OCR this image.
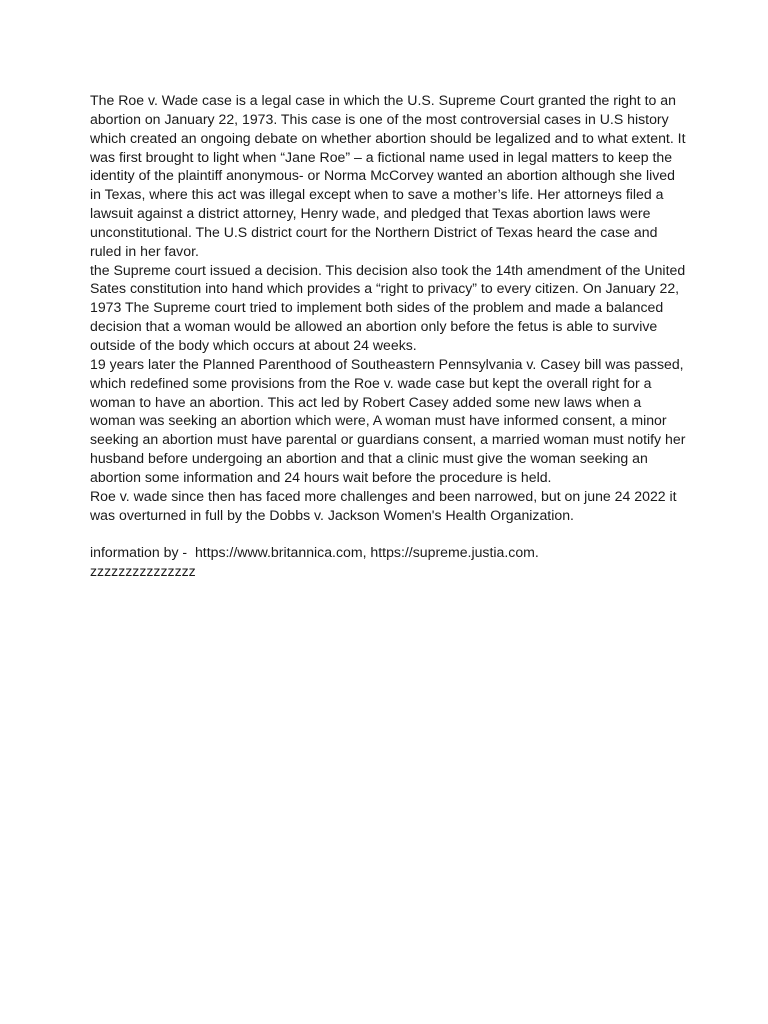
The Roe v. Wade case is a legal case in which the U.S. Supreme Court granted the right to an abortion on January 22, 1973. This case is one of the most controversial cases in U.S history which created an ongoing debate on whether abortion should be legalized and to what extent. It was first brought to light when “Jane Roe” – a fictional name used in legal matters to keep the identity of the plaintiff anonymous- or Norma McCorvey wanted an abortion although she lived in Texas, where this act was illegal except when to save a mother’s life. Her attorneys filed a lawsuit against a district attorney, Henry wade, and pledged that Texas abortion laws were unconstitutional. The U.S district court for the Northern District of Texas heard the case and ruled in her favor.

the Supreme court issued a decision. This decision also took the 14th amendment of the United Sates constitution into hand which provides a “right to privacy” to every citizen. On January 22, 1973 The Supreme court tried to implement both sides of the problem and made a balanced decision that a woman would be allowed an abortion only before the fetus is able to survive outside of the body which occurs at about 24 weeks.

19 years later the Planned Parenthood of Southeastern Pennsylvania v. Casey bill was passed, which redefined some provisions from the Roe v. wade case but kept the overall right for a woman to have an abortion. This act led by Robert Casey added some new laws when a woman was seeking an abortion which were, A woman must have informed consent, a minor seeking an abortion must have parental or guardians consent, a married woman must notify her husband before undergoing an abortion and that a clinic must give the woman seeking an abortion some information and 24 hours wait before the procedure is held.

Roe v. wade since then has faced more challenges and been narrowed, but on june 24 2022 it was overturned in full by the Dobbs v. Jackson Women's Health Organization.

information by -  https://www.britannica.com, https://supreme.justia.com.

zzzzzzzzzzzzzzz
